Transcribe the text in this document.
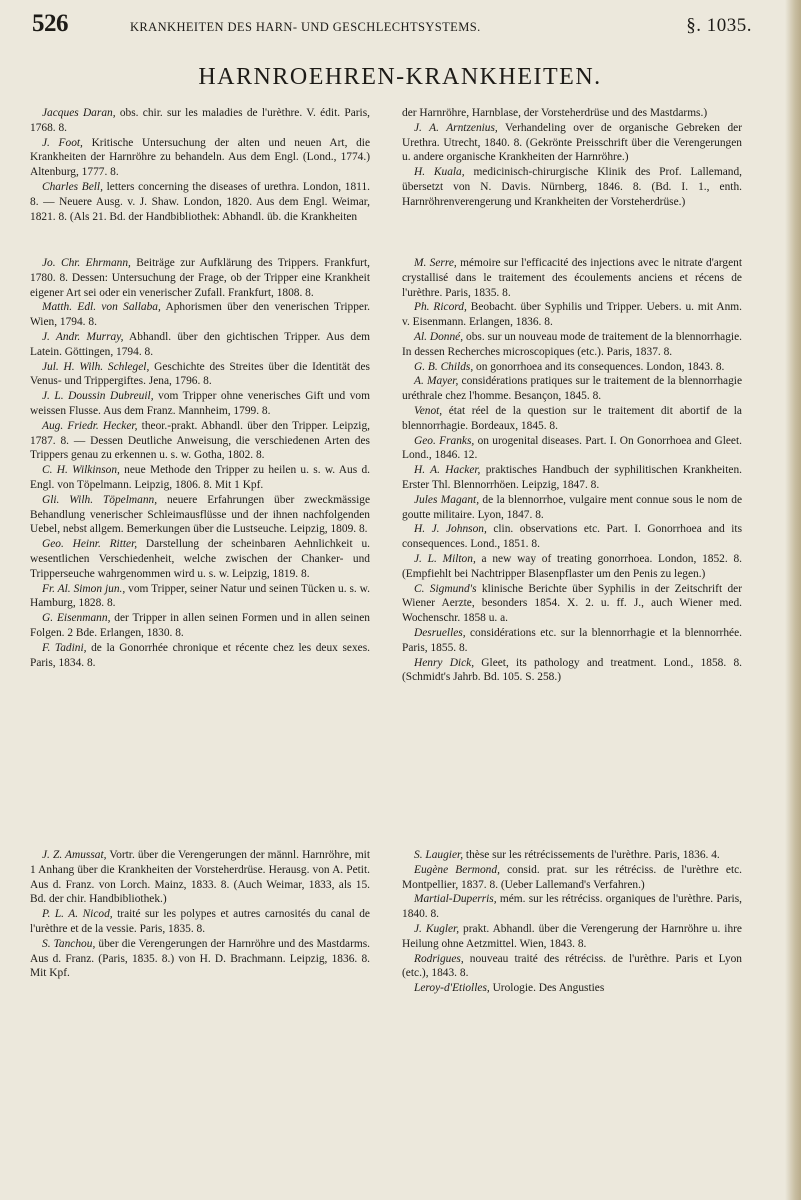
526	KRANKHEITEN DES HARN- UND GESCHLECHTSYSTEMS.	§. 1035.
HARNROEHREN-KRANKHEITEN.

Jacques Daran, obs. chir. sur les maladies de l'urèthre. V. édit. Paris, 1768. 8.

J. Foot, Kritische Untersuchung der alten und neuen Art, die Krankheiten der Harnröhre zu behandeln. Aus dem Engl. (Lond., 1774.) Altenburg, 1777. 8.

Charles Bell, letters concerning the diseases of urethra. London, 1811. 8. — Neuere Ausg. v. J. Shaw. London, 1820. Aus dem Engl. Weimar, 1821. 8. (Als 21. Bd. der Handbibliothek: Abhandl. üb. die Krankheiten

der Harnröhre, Harnblase, der Vorsteherdrüse und des Mastdarms.)

J. A. Arntzenius, Verhandeling over de organische Gebreken der Urethra. Utrecht, 1840. 8. (Gekrönte Preisschrift über die Verengerungen u. andere organische Krankheiten der Harnröhre.)

H. Kuala, medicinisch-chirurgische Klinik des Prof. Lallemand, übersetzt von N. Davis. Nürnberg, 1846. 8. (Bd. I. 1., enth. Harnröhrenverengerung und Krankheiten der Vorsteherdrüse.)

Jo. Chr. Ehrmann, Beiträge zur Aufklärung des Trippers. Frankfurt, 1780. 8. Dessen: Untersuchung der Frage, ob der Tripper eine Krankheit eigener Art sei oder ein venerischer Zufall. Frankfurt, 1808. 8.

Matth. Edl. von Sallaba, Aphorismen über den venerischen Tripper. Wien, 1794. 8.

J. Andr. Murray, Abhandl. über den gichtischen Tripper. Aus dem Latein. Göttingen, 1794. 8.

Jul. H. Wilh. Schlegel, Geschichte des Streites über die Identität des Venus- und Trippergiftes. Jena, 1796. 8.

J. L. Doussin Dubreuil, vom Tripper ohne venerisches Gift und vom weissen Flusse. Aus dem Franz. Mannheim, 1799. 8.

Aug. Friedr. Hecker, theor.-prakt. Abhandl. über den Tripper. Leipzig, 1787. 8. — Dessen Deutliche Anweisung, die verschiedenen Arten des Trippers genau zu erkennen u. s. w. Gotha, 1802. 8.

C. H. Wilkinson, neue Methode den Tripper zu heilen u. s. w. Aus d. Engl. von Töpelmann. Leipzig, 1806. 8. Mit 1 Kpf.

Gli. Wilh. Töpelmann, neuere Erfahrungen über zweckmässige Behandlung venerischer Schleimausflüsse und der ihnen nachfolgenden Uebel, nebst allgem. Bemerkungen über die Lustseuche. Leipzig, 1809. 8.

Geo. Heinr. Ritter, Darstellung der scheinbaren Aehnlichkeit u. wesentlichen Verschiedenheit, welche zwischen der Chanker- und Tripperseuche wahrgenommen wird u. s. w. Leipzig, 1819. 8.

Fr. Al. Simon jun., vom Tripper, seiner Natur und seinen Tücken u. s. w. Hamburg, 1828. 8.

G. Eisenmann, der Tripper in allen seinen Formen und in allen seinen Folgen. 2 Bde. Erlangen, 1830. 8.

F. Tadini, de la Gonorrhée chronique et récente chez les deux sexes. Paris, 1834. 8.

M. Serre, mémoire sur l'efficacité des injections avec le nitrate d'argent crystallisé dans le traitement des écoulements anciens et récens de l'urèthre. Paris, 1835. 8.

Ph. Ricord, Beobacht. über Syphilis und Tripper. Uebers. u. mit Anm. v. Eisenmann. Erlangen, 1836. 8.

Al. Donné, obs. sur un nouveau mode de traitement de la blennorrhagie. In dessen Recherches microscopiques (etc.). Paris, 1837. 8.

G. B. Childs, on gonorrhoea and its consequences. London, 1843. 8.

A. Mayer, considérations pratiques sur le traitement de la blennorrhagie uréthrale chez l'homme. Besançon, 1845. 8.

Venot, état réel de la question sur le traitement dit abortif de la blennorrhagie. Bordeaux, 1845. 8.

Geo. Franks, on urogenital diseases. Part. I. On Gonorrhoea and Gleet. Lond., 1846. 12.

H. A. Hacker, praktisches Handbuch der syphilitischen Krankheiten. Erster Thl. Blennorrhöen. Leipzig, 1847. 8.

Jules Magant, de la blennorrhoe, vulgaire ment connue sous le nom de goutte militaire. Lyon, 1847. 8.

H. J. Johnson, clin. observations etc. Part. I. Gonorrhoea and its consequences. Lond., 1851. 8.

J. L. Milton, a new way of treating gonorrhoea. London, 1852. 8. (Empfiehlt bei Nachtripper Blasenpflaster um den Penis zu legen.)

C. Sigmund's klinische Berichte über Syphilis in der Zeitschrift der Wiener Aerzte, besonders 1854. X. 2. u. ff. J., auch Wiener med. Wochenschr. 1858 u. a.

Desruelles, considérations etc. sur la blennorrhagie et la blennorrhée. Paris, 1855. 8.

Henry Dick, Gleet, its pathology and treatment. Lond., 1858. 8. (Schmidt's Jahrb. Bd. 105. S. 258.)

J. Z. Amussat, Vortr. über die Verengerungen der männl. Harnröhre, mit 1 Anhang über die Krankheiten der Vorsteherdrüse. Herausg. von A. Petit. Aus d. Franz. von Lorch. Mainz, 1833. 8. (Auch Weimar, 1833, als 15. Bd. der chir. Handbibliothek.)

P. L. A. Nicod, traité sur les polypes et autres carnosités du canal de l'urèthre et de la vessie. Paris, 1835. 8.

S. Tanchou, über die Verengerungen der Harnröhre und des Mastdarms. Aus d. Franz. (Paris, 1835. 8.) von H. D. Brachmann. Leipzig, 1836. 8. Mit Kpf.

S. Laugier, thèse sur les rétrécissements de l'urèthre. Paris, 1836. 4.

Eugène Bermond, consid. prat. sur les rétréciss. de l'urèthre etc. Montpellier, 1837. 8. (Ueber Lallemand's Verfahren.)

Martial-Duperris, mém. sur les rétréciss. organiques de l'urèthre. Paris, 1840. 8.

J. Kugler, prakt. Abhandl. über die Verengerung der Harnröhre u. ihre Heilung ohne Aetzmittel. Wien, 1843. 8.

Rodrigues, nouveau traité des rétréciss. de l'urèthre. Paris et Lyon (etc.), 1843. 8.

Leroy-d'Etiolles, Urologie. Des Angusties
